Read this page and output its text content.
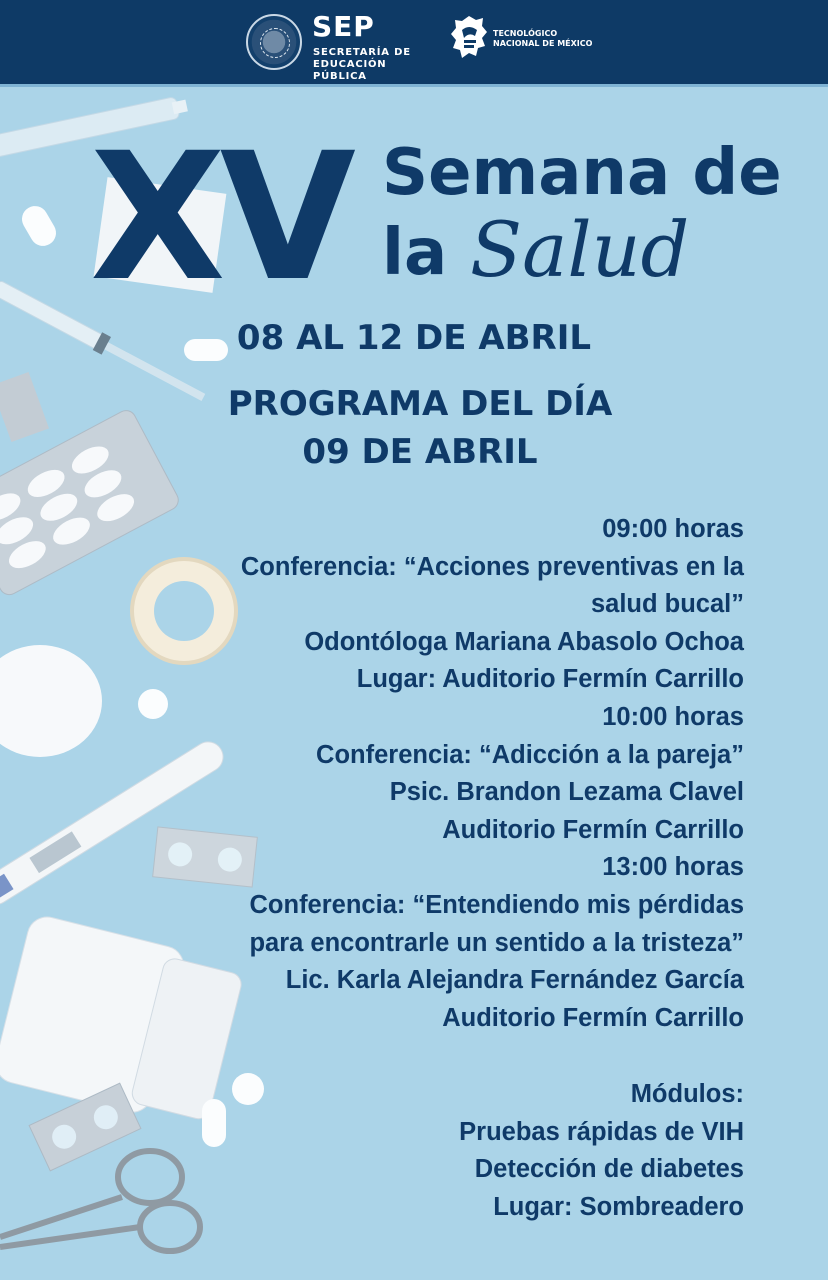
SEP
SECRETARÍA DE
EDUCACIÓN PÚBLICA
TECNOLÓGICO
NACIONAL DE MÉXICO
XV Semana de
la Salud
08 AL 12 DE ABRIL
PROGRAMA DEL DÍA
09 DE ABRIL
09:00 horas
Conferencia: “Acciones preventivas en la
salud bucal”
Odontóloga Mariana Abasolo Ochoa
Lugar: Auditorio Fermín Carrillo
10:00 horas
Conferencia: “Adicción a la pareja”
Psic. Brandon Lezama Clavel
Auditorio Fermín Carrillo
13:00 horas
Conferencia: “Entendiendo mis pérdidas
para encontrarle un sentido a la tristeza”
Lic. Karla Alejandra Fernández García
Auditorio Fermín Carrillo
Módulos:
Pruebas rápidas de VIH
Detección de diabetes
Lugar: Sombreadero
